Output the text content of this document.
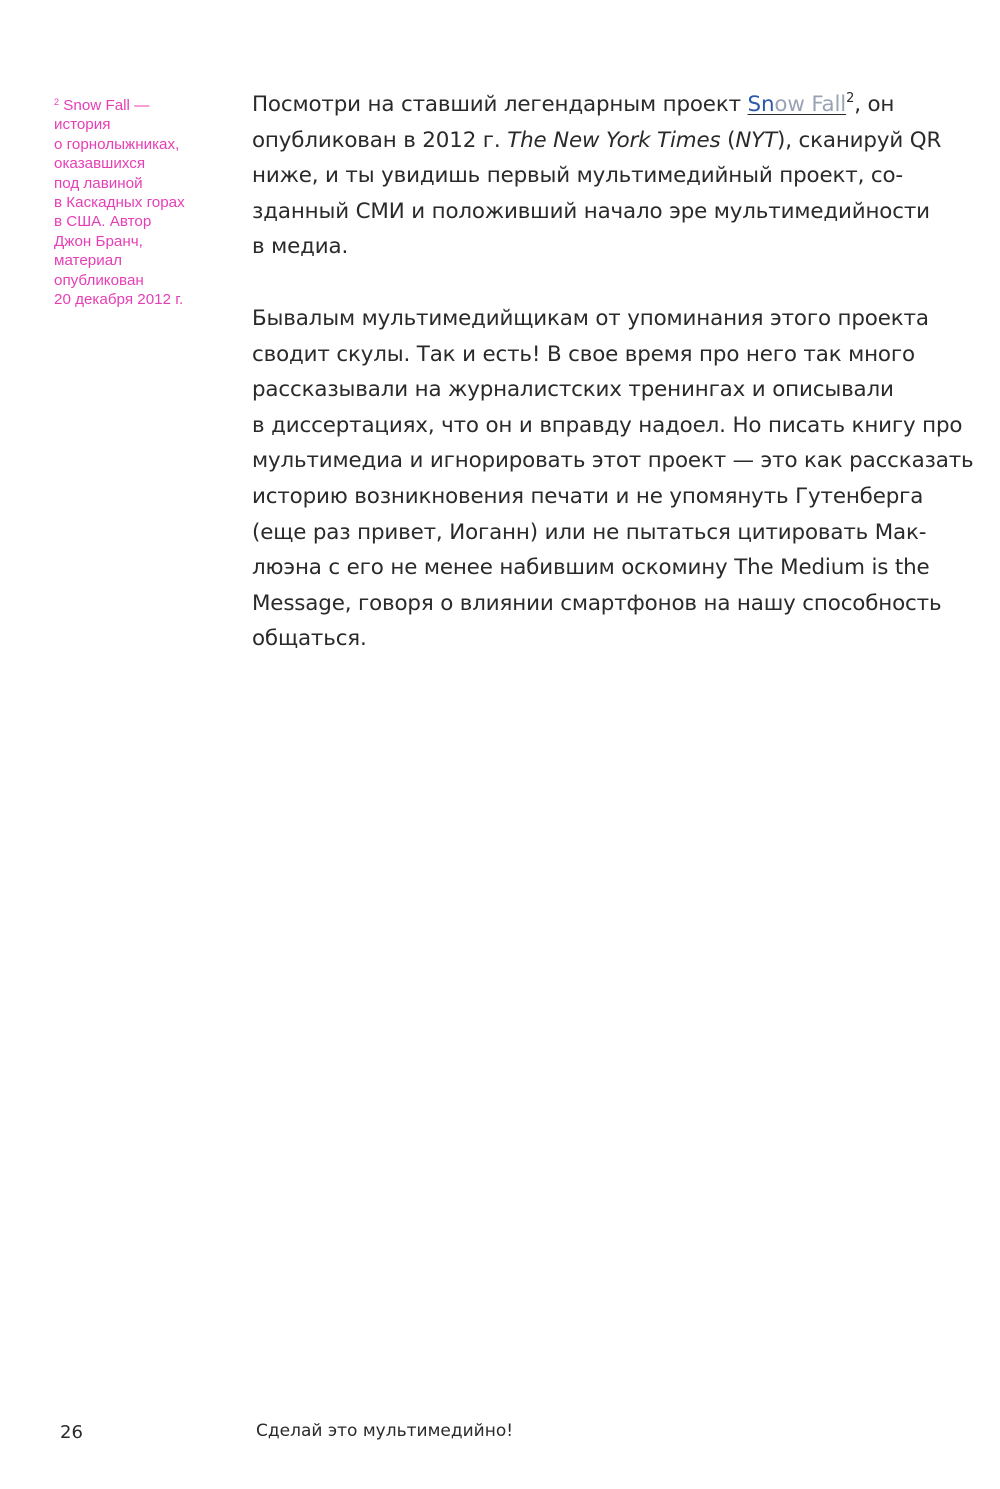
$^2$ Snow Fall —
история
о горнолыжниках,
оказавшихся
под лавиной
в Каскадных горах
в США. Автор
Джон Бранч,
материал
опубликован
20 декабря 2012 г.
Посмотри на ставший легендарным проект Snow Fall$^2$, он
опубликован в 2012 г. The New York Times (NYT), сканируй QR
ниже, и ты увидишь первый мультимедийный проект, со-
зданный СМИ и положивший начало эре мультимедийности
в медиа.
Бывалым мультимедийщикам от упоминания этого проекта
сводит скулы. Так и есть! В свое время про него так много
рассказывали на журналистских тренингах и описывали
в диссертациях, что он и вправду надоел. Но писать книгу про
мультимедиа и игнорировать этот проект — это как рассказать
историю возникновения печати и не упомянуть Гутенберга
(еще раз привет, Иоганн) или не пытаться цитировать Мак-
люэна с его не менее набившим оскомину The Medium is the
Message, говоря о влиянии смартфонов на нашу способность
общаться.
26	Сделай это мультимедийно!
